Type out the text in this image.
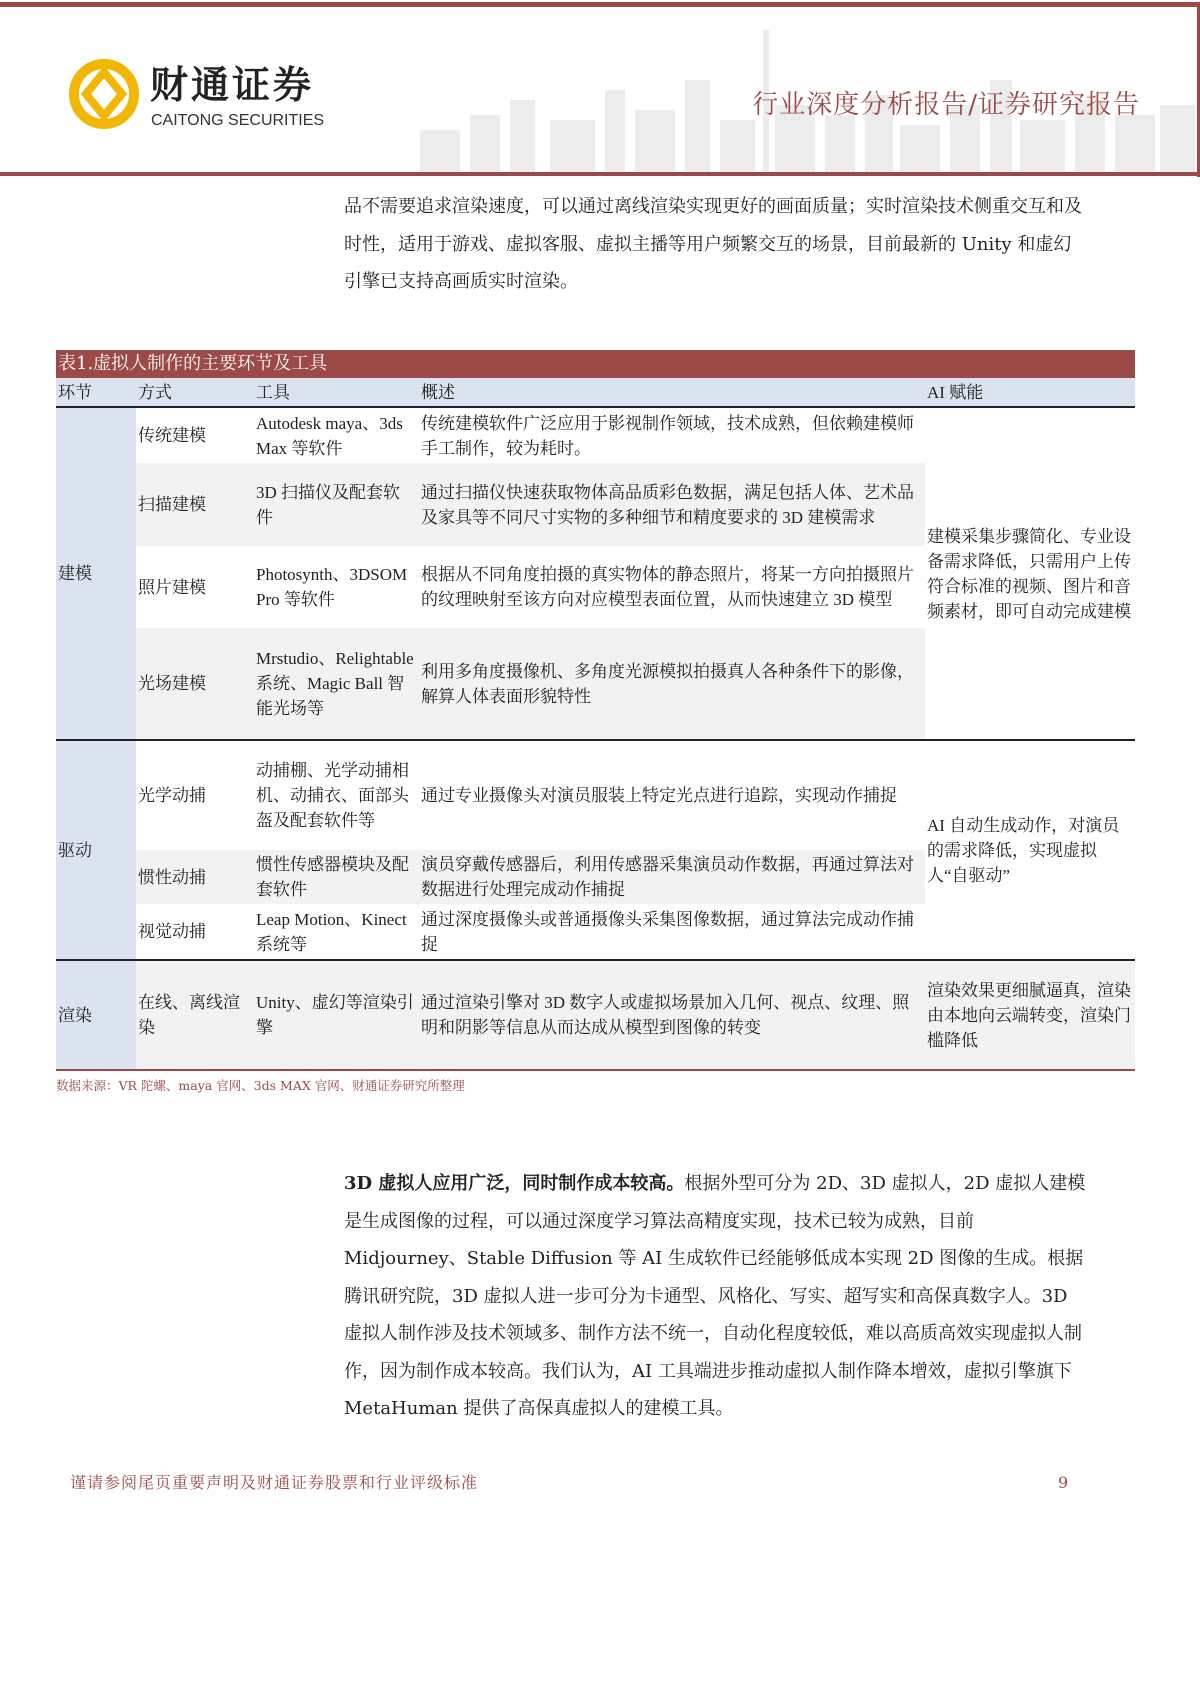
财通证券
CAITONG SECURITIES
行业深度分析报告/证券研究报告

品不需要追求渲染速度，可以通过离线渲染实现更好的画面质量；实时渲染技术侧重交互和及时性，适用于游戏、虚拟客服、虚拟主播等用户频繁交互的场景，目前最新的 Unity 和虚幻引擎已支持高画质实时渲染。

表1.虚拟人制作的主要环节及工具
环节	方式	工具	概述	AI 赋能
建模	传统建模	Autodesk maya、3ds Max 等软件	传统建模软件广泛应用于影视制作领域，技术成熟，但依赖建模师手工制作，较为耗时。	建模采集步骤简化、专业设备需求降低，只需用户上传符合标准的视频、图片和音频素材，即可自动完成建模
	扫描建模	3D 扫描仪及配套软件	通过扫描仪快速获取物体高品质彩色数据，满足包括人体、艺术品及家具等不同尺寸实物的多种细节和精度要求的 3D 建模需求	
	照片建模	Photosynth、3DSOM Pro 等软件	根据从不同角度拍摄的真实物体的静态照片，将某一方向拍摄照片的纹理映射至该方向对应模型表面位置，从而快速建立 3D 模型	
	光场建模	Mrstudio、Relightable 系统、Magic Ball 智能光场等	利用多角度摄像机、多角度光源模拟拍摄真人各种条件下的影像，解算人体表面形貌特性	
驱动	光学动捕	动捕棚、光学动捕相机、动捕衣、面部头盔及配套软件等	通过专业摄像头对演员服装上特定光点进行追踪，实现动作捕捉	AI 自动生成动作，对演员的需求降低，实现虚拟人“自驱动”
	惯性动捕	惯性传感器模块及配套软件	演员穿戴传感器后，利用传感器采集演员动作数据，再通过算法对数据进行处理完成动作捕捉	
	视觉动捕	Leap Motion、Kinect 系统等	通过深度摄像头或普通摄像头采集图像数据，通过算法完成动作捕捉	
渲染	在线、离线渲染	Unity、虚幻等渲染引擎	通过渲染引擎对 3D 数字人或虚拟场景加入几何、视点、纹理、照明和阴影等信息从而达成从模型到图像的转变	渲染效果更细腻逼真，渲染由本地向云端转变，渲染门槛降低
数据来源：VR 陀螺、maya 官网、3ds MAX 官网、财通证券研究所整理

3D 虚拟人应用广泛，同时制作成本较高。根据外型可分为 2D、3D 虚拟人，2D 虚拟人建模是生成图像的过程，可以通过深度学习算法高精度实现，技术已较为成熟，目前 Midjourney、Stable Diffusion 等 AI 生成软件已经能够低成本实现 2D 图像的生成。根据腾讯研究院，3D 虚拟人进一步可分为卡通型、风格化、写实、超写实和高保真数字人。3D 虚拟人制作涉及技术领域多、制作方法不统一，自动化程度较低，难以高质高效实现虚拟人制作，因为制作成本较高。我们认为，AI 工具端进步推动虚拟人制作降本增效，虚拟引擎旗下 MetaHuman 提供了高保真虚拟人的建模工具。

谨请参阅尾页重要声明及财通证券股票和行业评级标准	9
